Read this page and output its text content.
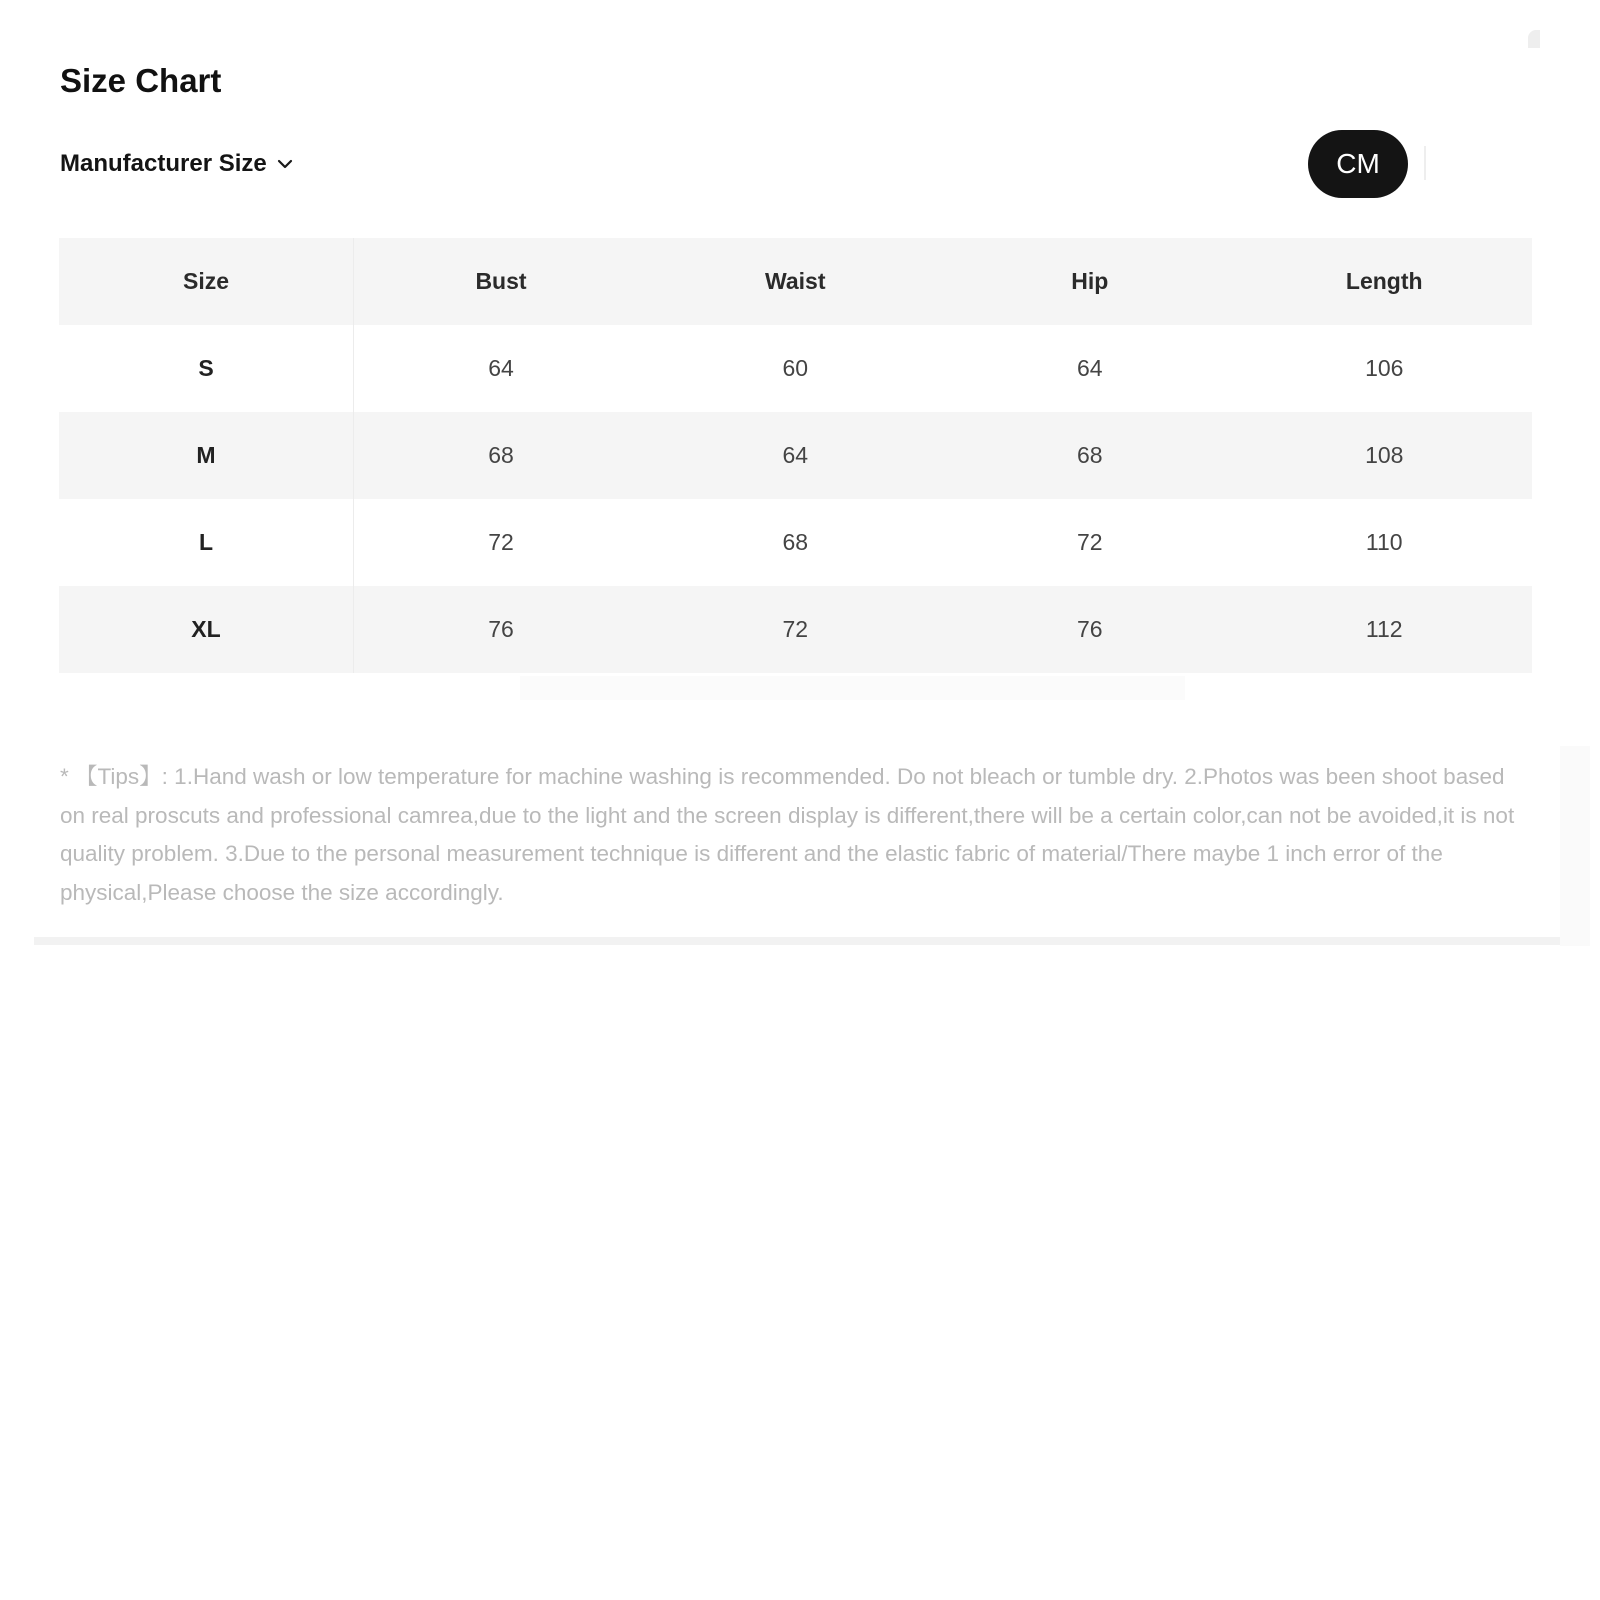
Size Chart
Manufacturer Size	CM
Size	Bust	Waist	Hip	Length
S	64	60	64	106
M	68	64	68	108
L	72	68	72	110
XL	76	72	76	112

* 【Tips】: 1.Hand wash or low temperature for machine washing is recommended. Do not bleach or tumble dry. 2.Photos was been shoot based on real proscuts and professional camrea,due to the light and the screen display is different,there will be a certain color,can not be avoided,it is not quality problem. 3.Due to the personal measurement technique is different and the elastic fabric of material/There maybe 1 inch error of the physical,Please choose the size accordingly.
